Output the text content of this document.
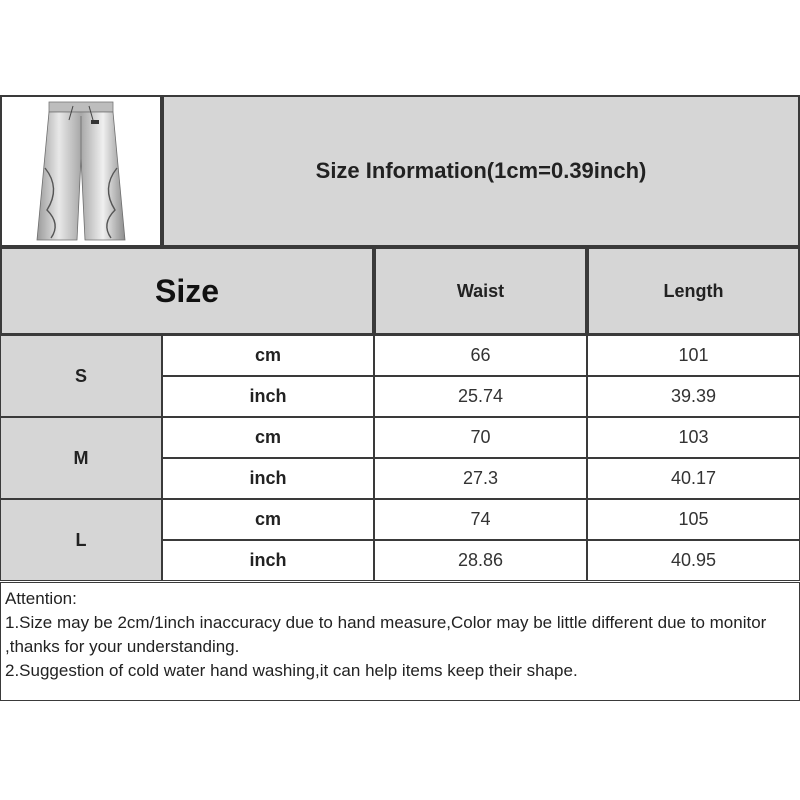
Size Information(1cm=0.39inch)
Size	Waist	Length
S
cm	66	101
inch	25.74	39.39
M
cm	70	103
inch	27.3	40.17
L
cm	74	105
inch	28.86	40.95
Attention:
1.Size may be 2cm/1inch inaccuracy due to hand measure,Color may be little different due to monitor ,thanks for your understanding.
2.Suggestion of cold water hand washing,it can help items keep their shape.
